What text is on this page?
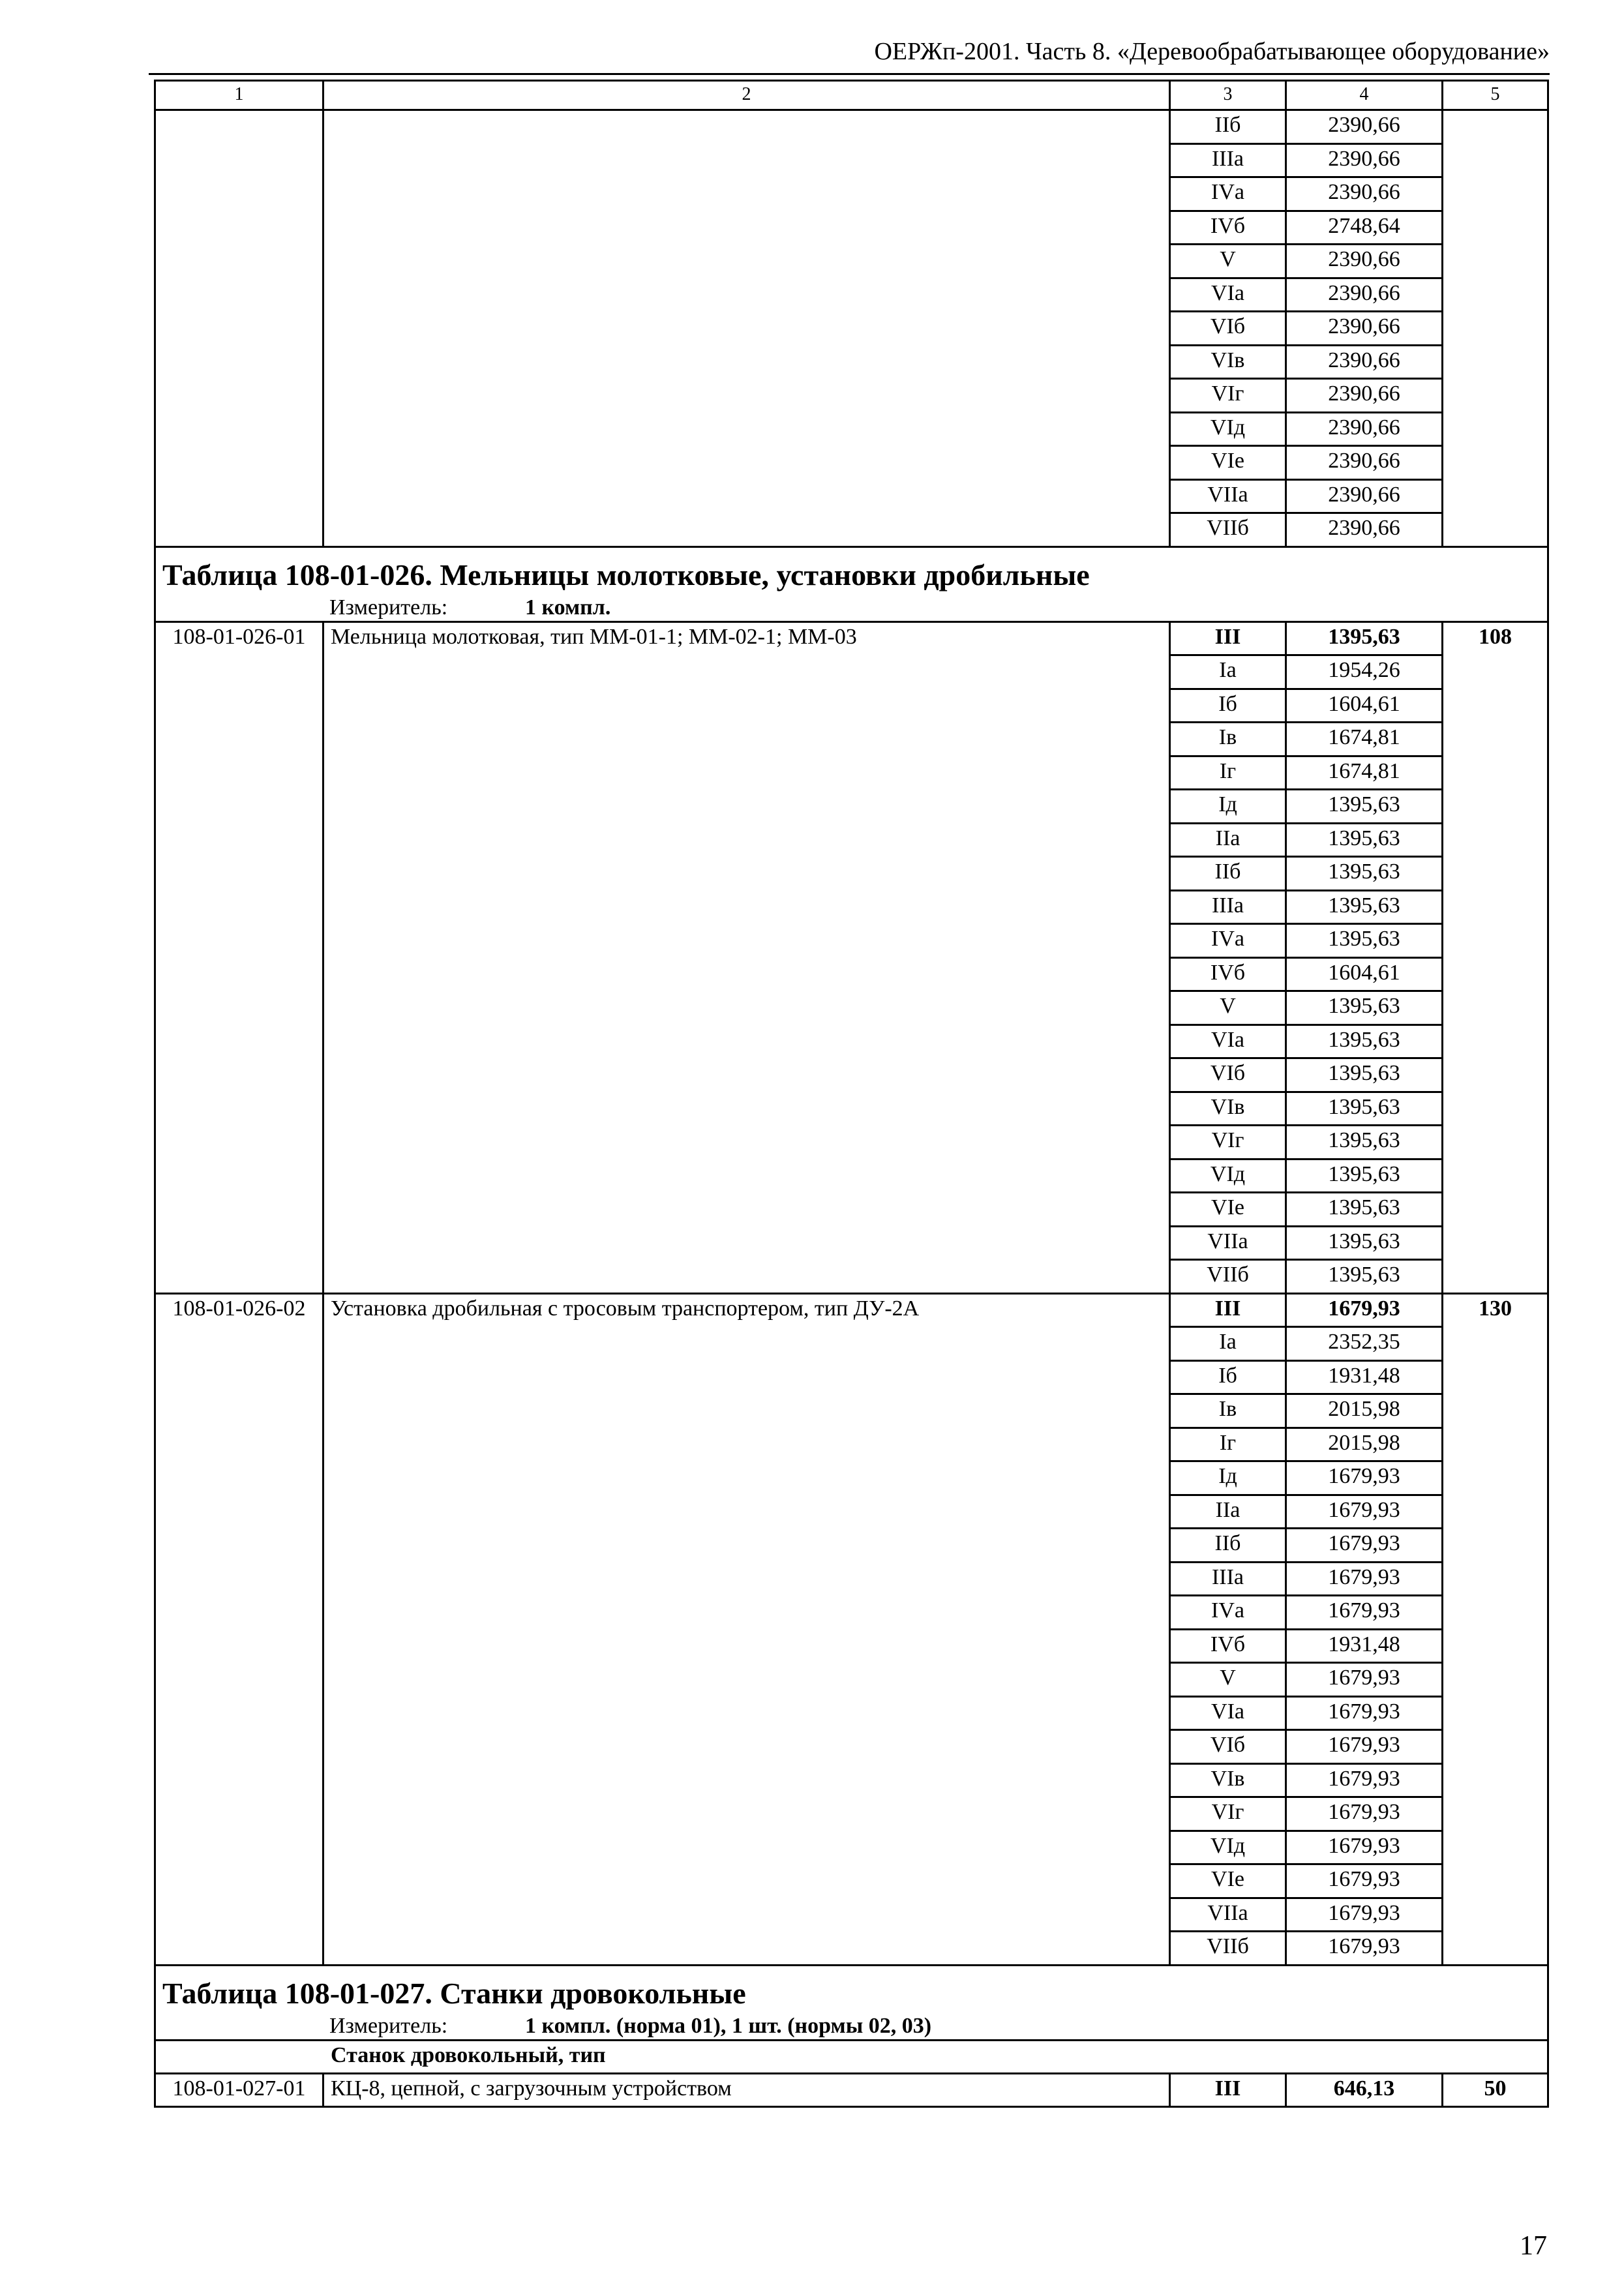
ОЕРЖп-2001. Часть 8. «Деревообрабатывающее оборудование»
1	2	3	4	5
		IIб	2390,66	
		IIIа	2390,66	
		IVа	2390,66	
		IVб	2748,64	
		V	2390,66	
		VIа	2390,66	
		VIб	2390,66	
		VIв	2390,66	
		VIг	2390,66	
		VIд	2390,66	
		VIе	2390,66	
		VIIа	2390,66	
		VIIб	2390,66	

Таблица 108-01-026. Мельницы молотковые, установки дробильные
Измеритель: 1 компл.				

108-01-026-01	Мельница молотковая, тип ММ-01-1; ММ-02-1; ММ-03	III	1395,63	108
		Iа	1954,26	
		Iб	1604,61	
		Iв	1674,81	
		Iг	1674,81	
		Iд	1395,63	
		IIа	1395,63	
		IIб	1395,63	
		IIIа	1395,63	
		IVа	1395,63	
		IVб	1604,61	
		V	1395,63	
		VIа	1395,63	
		VIб	1395,63	
		VIв	1395,63	
		VIг	1395,63	
		VIд	1395,63	
		VIе	1395,63	
		VIIа	1395,63	
		VIIб	1395,63	
108-01-026-02	Установка дробильная с тросовым транспортером, тип ДУ-2А	III	1679,93	130
		Iа	2352,35	
		Iб	1931,48	
		Iв	2015,98	
		Iг	2015,98	
		Iд	1679,93	
		IIа	1679,93	
		IIб	1679,93	
		IIIа	1679,93	
		IVа	1679,93	
		IVб	1931,48	
		V	1679,93	
		VIа	1679,93	
		VIб	1679,93	
		VIв	1679,93	
		VIг	1679,93	
		VIд	1679,93	
		VIе	1679,93	
		VIIа	1679,93	
		VIIб	1679,93	

Таблица 108-01-027. Станки дровокольные
Измеритель: 1 компл. (норма 01), 1 шт. (нормы 02, 03)				

Станок дровокольный, тип				
108-01-027-01	КЦ-8, цепной, с загрузочным устройством	III	646,13	50
17
